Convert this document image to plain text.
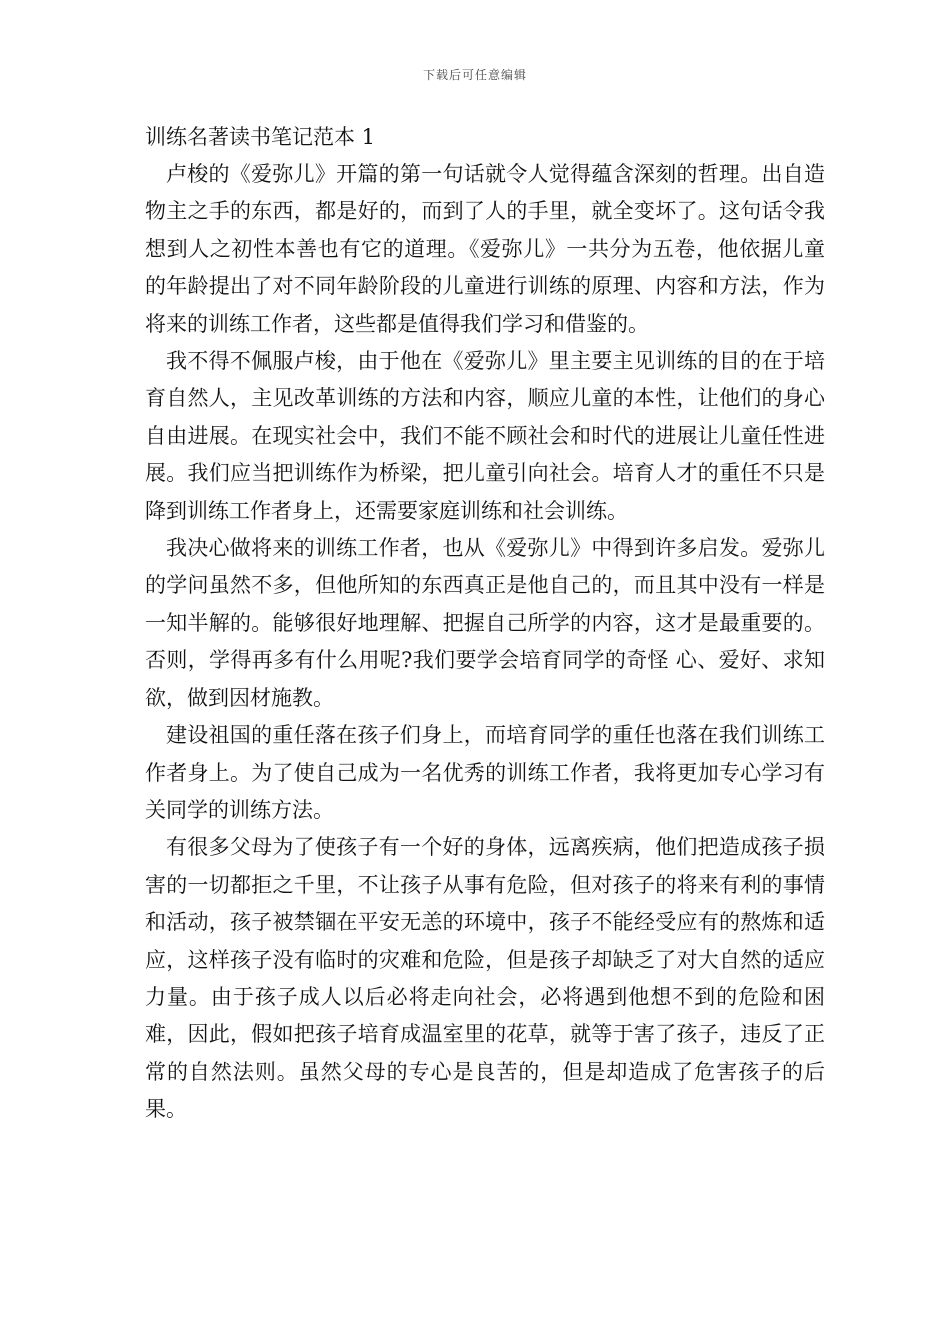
下载后可任意编辑
训练名著读书笔记范本 1

卢梭的《爱弥儿》开篇的第一句话就令人觉得蕴含深刻的哲理。出自造物主之手的东西，都是好的，而到了人的手里，就全变坏了。这句话令我想到人之初性本善也有它的道理。《爱弥儿》一共分为五卷，他依据儿童的年龄提出了对不同年龄阶段的儿童进行训练的原理、内容和方法，作为将来的训练工作者，这些都是值得我们学习和借鉴的。

我不得不佩服卢梭，由于他在《爱弥儿》里主要主见训练的目的在于培育自然人，主见改革训练的方法和内容，顺应儿童的本性，让他们的身心自由进展。在现实社会中，我们不能不顾社会和时代的进展让儿童任性进展。我们应当把训练作为桥梁，把儿童引向社会。培育人才的重任不只是降到训练工作者身上，还需要家庭训练和社会训练。

我决心做将来的训练工作者，也从《爱弥儿》中得到许多启发。爱弥儿的学问虽然不多，但他所知的东西真正是他自己的，而且其中没有一样是一知半解的。能够很好地理解、把握自己所学的内容，这才是最重要的。否则，学得再多有什么用呢?我们要学会培育同学的奇怪 心、爱好、求知欲，做到因材施教。

建设祖国的重任落在孩子们身上，而培育同学的重任也落在我们训练工作者身上。为了使自己成为一名优秀的训练工作者，我将更加专心学习有关同学的训练方法。

有很多父母为了使孩子有一个好的身体，远离疾病，他们把造成孩子损害的一切都拒之千里，不让孩子从事有危险，但对孩子的将来有利的事情和活动，孩子被禁锢在平安无恙的环境中，孩子不能经受应有的熬炼和适应，这样孩子没有临时的灾难和危险，但是孩子却缺乏了对大自然的适应力量。由于孩子成人以后必将走向社会，必将遇到他想不到的危险和困难，因此，假如把孩子培育成温室里的花草，就等于害了孩子，违反了正常的自然法则。虽然父母的专心是良苦的，但是却造成了危害孩子的后果。
